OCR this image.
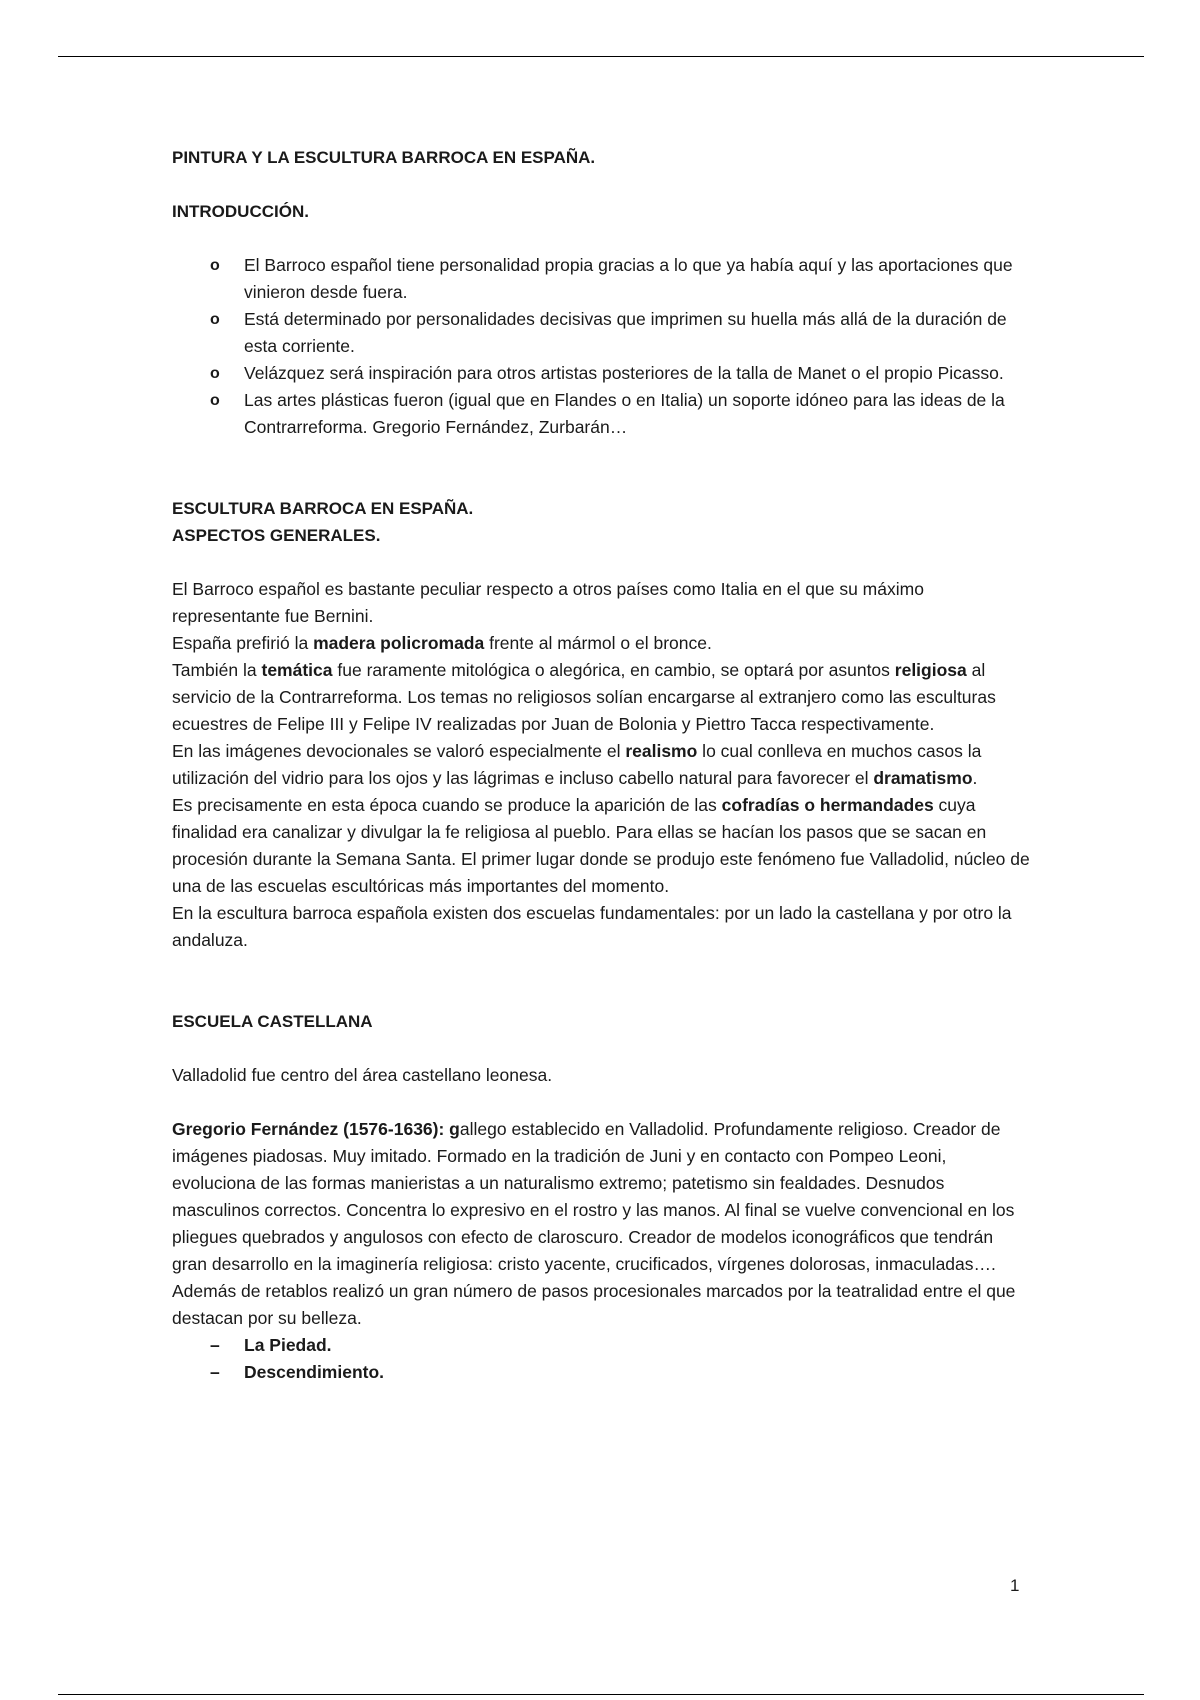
PINTURA Y LA ESCULTURA BARROCA EN ESPAÑA.

INTRODUCCIÓN.

o El Barroco español tiene personalidad propia gracias a lo que ya había aquí y las aportaciones que vinieron desde fuera.
o Está determinado por personalidades decisivas que imprimen su huella más allá de la duración de esta corriente.
o Velázquez será inspiración para otros artistas posteriores de la talla de Manet o el propio Picasso.
o Las artes plásticas fueron (igual que en Flandes o en Italia) un soporte idóneo para las ideas de la Contrarreforma. Gregorio Fernández, Zurbarán…

ESCULTURA BARROCA EN ESPAÑA.

ASPECTOS GENERALES.

El Barroco español es bastante peculiar respecto a otros países como Italia en el que su máximo representante fue Bernini.

España prefirió la madera policromada frente al mármol o el bronce.

También la temática fue raramente mitológica o alegórica, en cambio, se optará por asuntos religiosa al servicio de la Contrarreforma. Los temas no religiosos solían encargarse al extranjero como las esculturas ecuestres de Felipe III y Felipe IV realizadas por Juan de Bolonia y Piettro Tacca respectivamente.

En las imágenes devocionales se valoró especialmente el realismo lo cual conlleva en muchos casos la utilización del vidrio para los ojos y las lágrimas e incluso cabello natural para favorecer el dramatismo.

Es precisamente en esta época cuando se produce la aparición de las cofradías o hermandades cuya finalidad era canalizar y divulgar la fe religiosa al pueblo. Para ellas se hacían los pasos que se sacan en procesión durante la Semana Santa. El primer lugar donde se produjo este fenómeno fue Valladolid, núcleo de una de las escuelas escultóricas más importantes del momento.

En la escultura barroca española existen dos escuelas fundamentales: por un lado la castellana y por otro la andaluza.

ESCUELA CASTELLANA

Valladolid fue centro del área castellano leonesa.

Gregorio Fernández (1576-1636): gallego establecido en Valladolid. Profundamente religioso. Creador de imágenes piadosas. Muy imitado. Formado en la tradición de Juni y en contacto con Pompeo Leoni, evoluciona de las formas manieristas a un naturalismo extremo; patetismo sin fealdades. Desnudos masculinos correctos. Concentra lo expresivo en el rostro y las manos. Al final se vuelve convencional en los pliegues quebrados y angulosos con efecto de claroscuro. Creador de modelos iconográficos que tendrán gran desarrollo en la imaginería religiosa: cristo yacente, crucificados, vírgenes dolorosas, inmaculadas…. Además de retablos realizó un gran número de pasos procesionales marcados por la teatralidad entre el que destacan por su belleza.

– La Piedad.
– Descendimiento.
1
